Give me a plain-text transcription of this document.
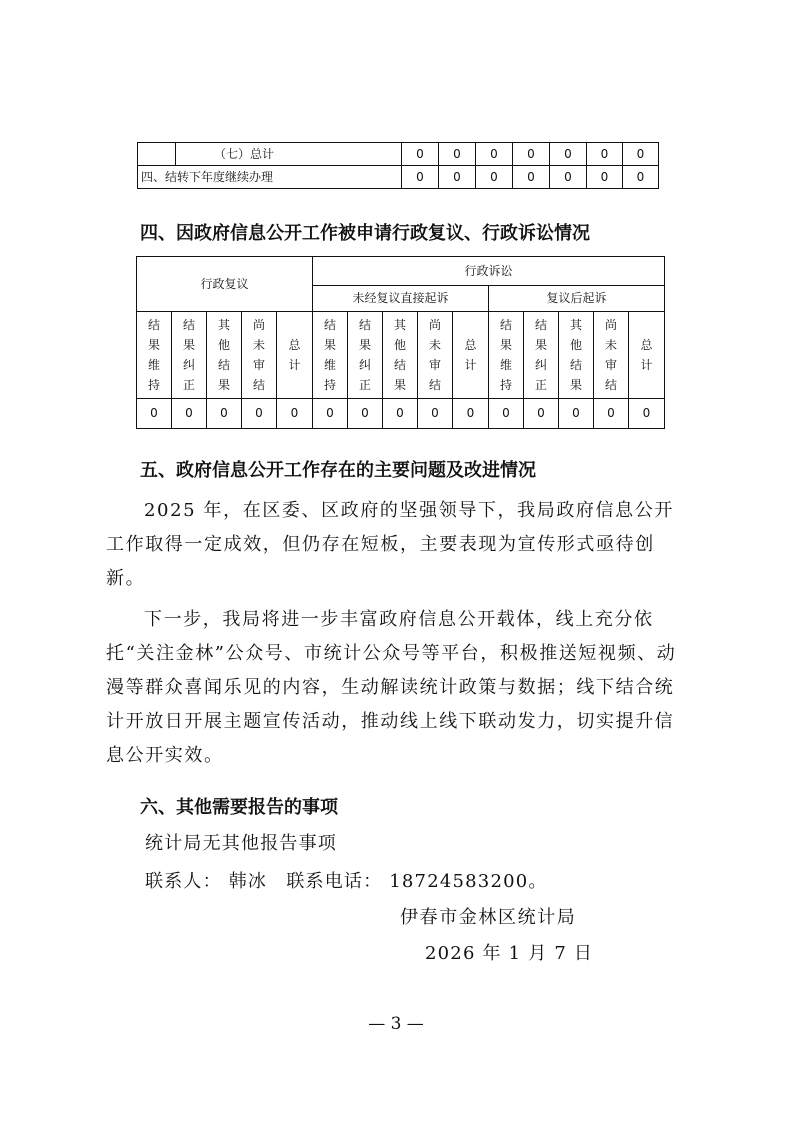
	（七）总计	0	0	0	0	0	0	0
四、结转下年度继续办理		0	0	0	0	0	0	0
四、因政府信息公开工作被申请行政复议、行政诉讼情况
行政复议					行政诉讼									
					未经复议直接起诉					复议后起诉				
结果维持	结果纠正	其他结果	尚未审结	总计	结果维持	结果纠正	其他结果	尚未审结	总计	结果维持	结果纠正	其他结果	尚未审结	总计
0	0	0	0	0	0	0	0	0	0	0	0	0	0	0
五、政府信息公开工作存在的主要问题及改进情况
2025 年，在区委、区政府的坚强领导下，我局政府信息公开工作取得一定成效，但仍存在短板，主要表现为宣传形式亟待创新。
下一步，我局将进一步丰富政府信息公开载体，线上充分依托“关注金林”公众号、市统计公众号等平台，积极推送短视频、动漫等群众喜闻乐见的内容，生动解读统计政策与数据；线下结合统计开放日开展主题宣传活动，推动线上线下联动发力，切实提升信息公开实效。
六、其他需要报告的事项
统计局无其他报告事项
联系人： 韩冰　联系电话： 18724583200。
伊春市金林区统计局
2026 年 1 月 7 日
— 3 —
